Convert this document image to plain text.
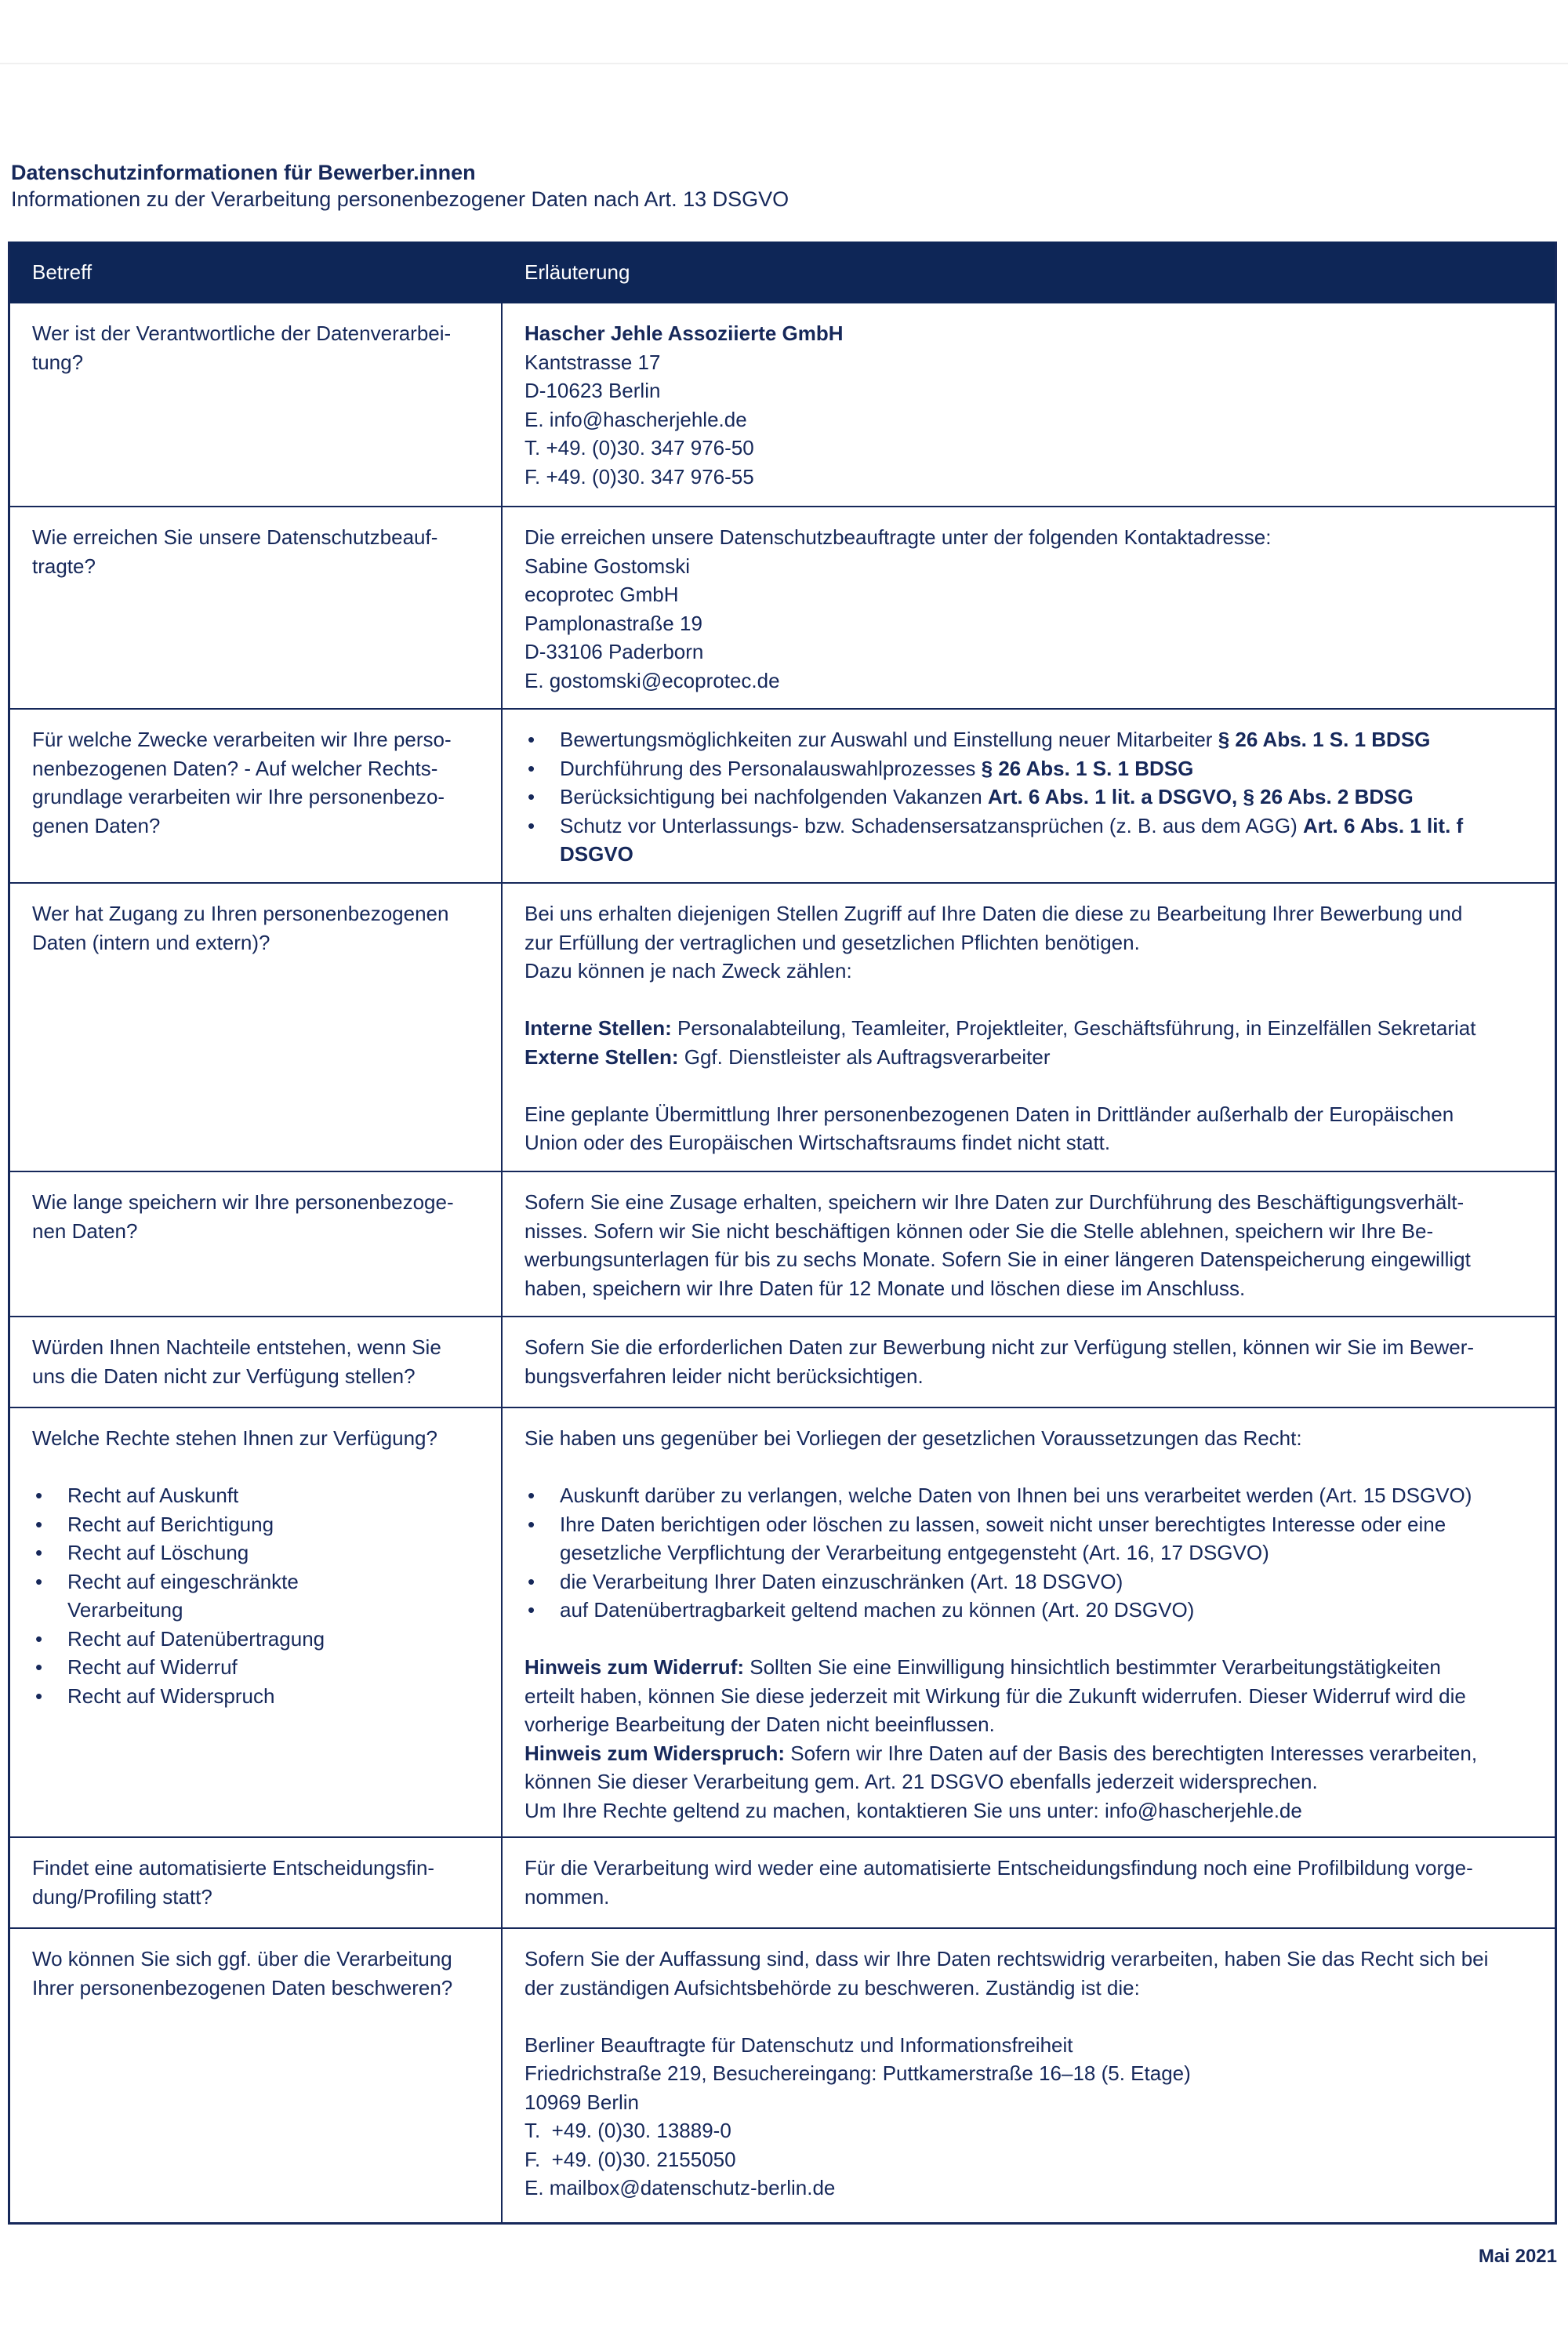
Datenschutzinformationen für Bewerber.innen
Informationen zu der Verarbeitung personenbezogener Daten nach Art. 13 DSGVO
Betreff	Erläuterung
Wer ist der Verantwortliche der Datenverarbei-
tung?
Hascher Jehle Assoziierte GmbH
Kantstrasse 17
D-10623 Berlin
E. info@hascherjehle.de
T. +49. (0)30. 347 976-50
F. +49. (0)30. 347 976-55
Wie erreichen Sie unsere Datenschutzbeauf-
tragte?
Die erreichen unsere Datenschutzbeauftragte unter der folgenden Kontaktadresse:
Sabine Gostomski
ecoprotec GmbH
Pamplonastraße 19
D-33106 Paderborn
E. gostomski@ecoprotec.de
Für welche Zwecke verarbeiten wir Ihre perso-
nenbezogenen Daten? - Auf welcher Rechts-
grundlage verarbeiten wir Ihre personenbezo-
genen Daten?
• Bewertungsmöglichkeiten zur Auswahl und Einstellung neuer Mitarbeiter § 26 Abs. 1 S. 1 BDSG
• Durchführung des Personalauswahlprozesses § 26 Abs. 1 S. 1 BDSG
• Berücksichtigung bei nachfolgenden Vakanzen Art. 6 Abs. 1 lit. a DSGVO, § 26 Abs. 2 BDSG
• Schutz vor Unterlassungs- bzw. Schadensersatzansprüchen (z. B. aus dem AGG) Art. 6 Abs. 1 lit. f DSGVO
Wer hat Zugang zu Ihren personenbezogenen
Daten (intern und extern)?
Bei uns erhalten diejenigen Stellen Zugriff auf Ihre Daten die diese zu Bearbeitung Ihrer Bewerbung und
zur Erfüllung der vertraglichen und gesetzlichen Pflichten benötigen.
Dazu können je nach Zweck zählen:
Interne Stellen: Personalabteilung, Teamleiter, Projektleiter, Geschäftsführung, in Einzelfällen Sekretariat
Externe Stellen: Ggf. Dienstleister als Auftragsverarbeiter
Eine geplante Übermittlung Ihrer personenbezogenen Daten in Drittländer außerhalb der Europäischen
Union oder des Europäischen Wirtschaftsraums findet nicht statt.
Wie lange speichern wir Ihre personenbezoge-
nen Daten?
Sofern Sie eine Zusage erhalten, speichern wir Ihre Daten zur Durchführung des Beschäftigungsverhält-
nisses. Sofern wir Sie nicht beschäftigen können oder Sie die Stelle ablehnen, speichern wir Ihre Be-
werbungsunterlagen für bis zu sechs Monate. Sofern Sie in einer längeren Datenspeicherung eingewilligt
haben, speichern wir Ihre Daten für 12 Monate und löschen diese im Anschluss.
Würden Ihnen Nachteile entstehen, wenn Sie
uns die Daten nicht zur Verfügung stellen?
Sofern Sie die erforderlichen Daten zur Bewerbung nicht zur Verfügung stellen, können wir Sie im Bewer-
bungsverfahren leider nicht berücksichtigen.
Welche Rechte stehen Ihnen zur Verfügung?
• Recht auf Auskunft
• Recht auf Berichtigung
• Recht auf Löschung
• Recht auf eingeschränkte
Verarbeitung
• Recht auf Datenübertragung
• Recht auf Widerruf
• Recht auf Widerspruch
Sie haben uns gegenüber bei Vorliegen der gesetzlichen Voraussetzungen das Recht:
• Auskunft darüber zu verlangen, welche Daten von Ihnen bei uns verarbeitet werden (Art. 15 DSGVO)
• Ihre Daten berichtigen oder löschen zu lassen, soweit nicht unser berechtigtes Interesse oder eine
gesetzliche Verpflichtung der Verarbeitung entgegensteht (Art. 16, 17 DSGVO)
• die Verarbeitung Ihrer Daten einzuschränken (Art. 18 DSGVO)
• auf Datenübertragbarkeit geltend machen zu können (Art. 20 DSGVO)
Hinweis zum Widerruf: Sollten Sie eine Einwilligung hinsichtlich bestimmter Verarbeitungstätigkeiten
erteilt haben, können Sie diese jederzeit mit Wirkung für die Zukunft widerrufen. Dieser Widerruf wird die
vorherige Bearbeitung der Daten nicht beeinflussen.
Hinweis zum Widerspruch: Sofern wir Ihre Daten auf der Basis des berechtigten Interesses verarbeiten,
können Sie dieser Verarbeitung gem. Art. 21 DSGVO ebenfalls jederzeit widersprechen.
Um Ihre Rechte geltend zu machen, kontaktieren Sie uns unter: info@hascherjehle.de
Findet eine automatisierte Entscheidungsfin-
dung/Profiling statt?
Für die Verarbeitung wird weder eine automatisierte Entscheidungsfindung noch eine Profilbildung vorge-
nommen.
Wo können Sie sich ggf. über die Verarbeitung
Ihrer personenbezogenen Daten beschweren?
Sofern Sie der Auffassung sind, dass wir Ihre Daten rechtswidrig verarbeiten, haben Sie das Recht sich bei
der zuständigen Aufsichtsbehörde zu beschweren. Zuständig ist die:
Berliner Beauftragte für Datenschutz und Informationsfreiheit
Friedrichstraße 219, Besuchereingang: Puttkamerstraße 16–18 (5. Etage)
10969 Berlin
T.  +49. (0)30. 13889-0
F.  +49. (0)30. 2155050
E. mailbox@datenschutz-berlin.de
Mai 2021
